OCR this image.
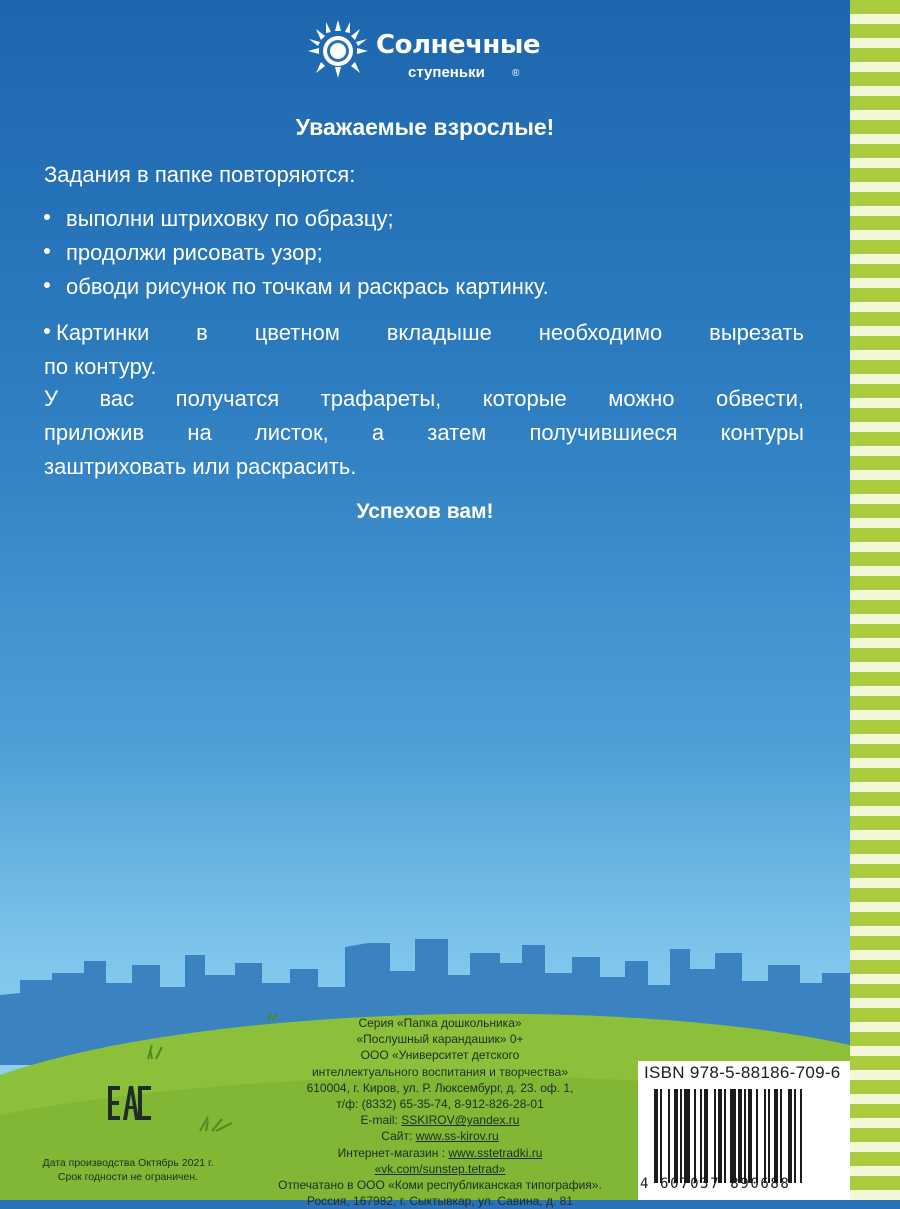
Солнечные
ступеньки	®
Уважаемые взрослые!
Задания в папке повторяются:
выполни штриховку по образцу;
продолжи рисовать узор;
обводи рисунок по точкам и раскрась картинку.
Картинки в цветном вкладыше необходимо вырезать
по контуру.
У вас получатся трафареты, которые можно обвести,
приложив на листок, а затем получившиеся контуры
заштриховать или раскрасить.
Успехов вам!
Серия «Папка дошкольника»
«Послушный карандашик» 0+
ООО «Университет детского
интеллектуального воспитания и творчества»
610004, г. Киров, ул. Р. Люксембург, д. 23. оф. 1,
т/ф: (8332) 65-35-74, 8-912-826-28-01
E-mail: SSKIROV@yandex.ru
Сайт: www.ss-kirov.ru
Интернет-магазин : www.sstetradki.ru
«vk.com/sunstep.tetrad»
Отпечатано в ООО «Коми республиканская типография».
Россия, 167982, г. Сыктывкар, ул. Савина, д. 81
Дата производства Октябрь 2021 г.
Срок годности не ограничен.
ISBN 978-5-88186-709-6
4 607037 890688
